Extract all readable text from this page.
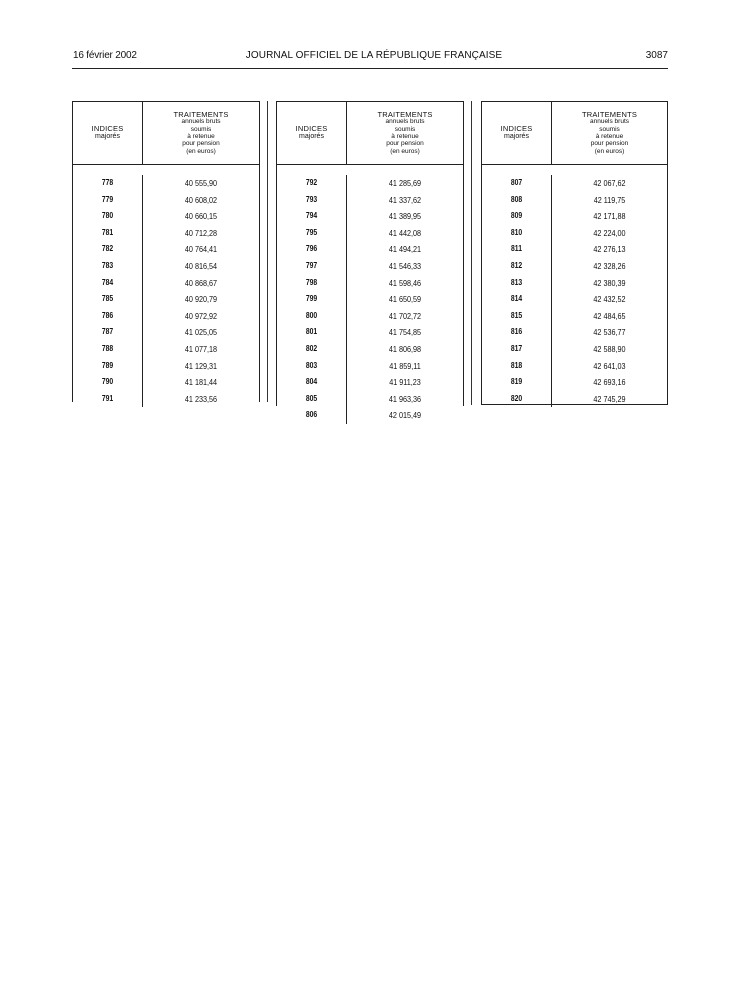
16 février 2002	JOURNAL OFFICIEL DE LA RÉPUBLIQUE FRANÇAISE	3087
INDICES
majorés
TRAITEMENTS
annuels bruts
soumis
à retenue
pour pension
(en euros)
778
779
780
781
782
783
784
785
786
787
788
789
790
791
40 555,90
40 608,02
40 660,15
40 712,28
40 764,41
40 816,54
40 868,67
40 920,79
40 972,92
41 025,05
41 077,18
41 129,31
41 181,44
41 233,56
INDICES
majorés
TRAITEMENTS
annuels bruts
soumis
à retenue
pour pension
(en euros)
792
793
794
795
796
797
798
799
800
801
802
803
804
805
806
41 285,69
41 337,62
41 389,95
41 442,08
41 494,21
41 546,33
41 598,46
41 650,59
41 702,72
41 754,85
41 806,98
41 859,11
41 911,23
41 963,36
42 015,49
INDICES
majorés
TRAITEMENTS
annuels bruts
soumis
à retenue
pour pension
(en euros)
807
808
809
810
811
812
813
814
815
816
817
818
819
820
42 067,62
42 119,75
42 171,88
42 224,00
42 276,13
42 328,26
42 380,39
42 432,52
42 484,65
42 536,77
42 588,90
42 641,03
42 693,16
42 745,29
